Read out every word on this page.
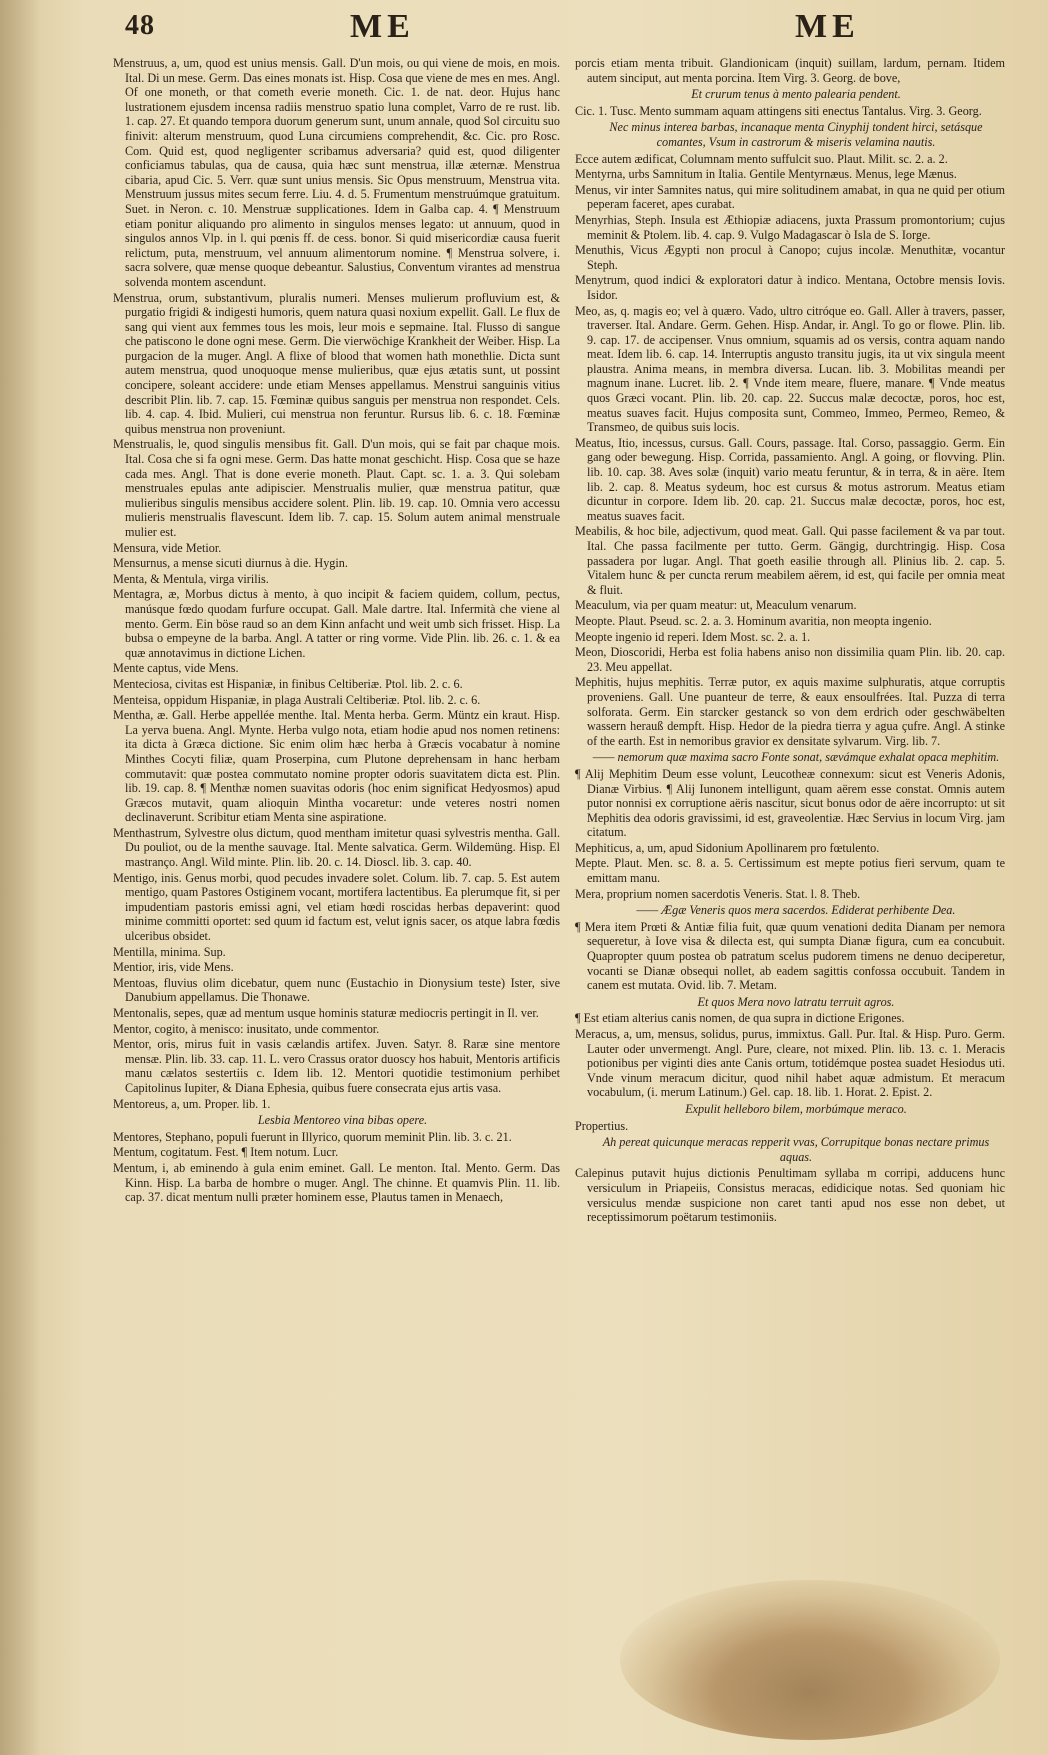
48	ME	ME

Menstruus, a, um, quod est unius mensis. Gall. D'un mois, ou qui viene de mois, en mois. Ital. Di un mese. Germ. Das eines monats ist. Hisp. Cosa que viene de mes en mes. Angl. Of one moneth, or that cometh everie moneth. Cic. 1. de nat. deor. Hujus hanc lustrationem ejusdem incensa radiis menstruo spatio luna complet, Varro de re rust. lib. 1. cap. 27. Et quando tempora duorum generum sunt, unum annale, quod Sol circuitu suo finivit: alterum menstruum, quod Luna circumiens comprehendit, &c. Cic. pro Rosc. Com. Quid est, quod negligenter scribamus adversaria? quid est, quod diligenter conficiamus tabulas, qua de causa, quia hæc sunt menstrua, illæ æternæ. Menstrua cibaria, apud Cic. 5. Verr. quæ sunt unius mensis. Sic Opus menstruum, Menstrua vita. Menstruum jussus mites secum ferre. Liu. 4. d. 5. Frumentum menstruúmque gratuitum. Suet. in Neron. c. 10. Menstruæ supplicationes. Idem in Galba cap. 4. ¶ Menstruum etiam ponitur aliquando pro alimento in singulos menses legato: ut annuum, quod in singulos annos Vlp. in l. qui pœnis ff. de cess. bonor. Si quid misericordiæ causa fuerit relictum, puta, menstruum, vel annuum alimentorum nomine. ¶ Menstrua solvere, i. sacra solvere, quæ mense quoque debeantur. Salustius, Conventum virantes ad menstrua solvenda montem ascendunt.

Menstrua, orum, substantivum, pluralis numeri. Menses mulierum profluvium est, & purgatio frigidi & indigesti humoris, quem natura quasi noxium expellit. Gall. Le flux de sang qui vient aux femmes tous les mois, leur mois e sepmaine. Ital. Flusso di sangue che patiscono le done ogni mese. Germ. Die vierwöchige Krankheit der Weiber. Hisp. La purgacion de la muger. Angl. A flixe of blood that women hath monethlie. Dicta sunt autem menstrua, quod unoquoque mense mulieribus, quæ ejus ætatis sunt, ut possint concipere, soleant accidere: unde etiam Menses appellamus. Menstrui sanguinis vitius describit Plin. lib. 7. cap. 15. Fœminæ quibus sanguis per menstrua non respondet. Cels. lib. 4. cap. 4. Ibid. Mulieri, cui menstrua non feruntur. Rursus lib. 6. c. 18. Fœminæ quibus menstrua non proveniunt.

Menstrualis, le, quod singulis mensibus fit. Gall. D'un mois, qui se fait par chaque mois. Ital. Cosa che si fa ogni mese. Germ. Das hatte monat geschicht. Hisp. Cosa que se haze cada mes. Angl. That is done everie moneth. Plaut. Capt. sc. 1. a. 3. Qui solebam menstruales epulas ante adipiscier. Menstrualis mulier, quæ menstrua patitur, quæ mulieribus singulis mensibus accidere solent. Plin. lib. 19. cap. 10. Omnia vero accessu mulieris menstrualis flavescunt. Idem lib. 7. cap. 15. Solum autem animal menstruale mulier est.

Mensura, vide Metior.

Mensurnus, a mense sicuti diurnus à die. Hygin.

Menta, & Mentula, virga virilis.

Mentagra, æ, Morbus dictus à mento, à quo incipit & faciem quidem, collum, pectus, manúsque fœdo quodam furfure occupat. Gall. Male dartre. Ital. Infermità che viene al mento. Germ. Ein böse raud so an dem Kinn anfacht und weit umb sich frisset. Hisp. La bubsa o empeyne de la barba. Angl. A tatter or ring vorme. Vide Plin. lib. 26. c. 1. & ea quæ annotavimus in dictione Lichen.

Mente captus, vide Mens.

Menteciosa, civitas est Hispaniæ, in finibus Celtiberiæ. Ptol. lib. 2. c. 6.

Menteisa, oppidum Hispaniæ, in plaga Australi Celtiberiæ. Ptol. lib. 2. c. 6.

Mentha, æ. Gall. Herbe appellée menthe. Ital. Menta herba. Germ. Müntz ein kraut. Hisp. La yerva buena. Angl. Mynte. Herba vulgo nota, etiam hodie apud nos nomen retinens: ita dicta à Græca dictione. Sic enim olim hæc herba à Græcis vocabatur à nomine Minthes Cocyti filiæ, quam Proserpina, cum Plutone deprehensam in hanc herbam commutavit: quæ postea commutato nomine propter odoris suavitatem dicta est. Plin. lib. 19. cap. 8. ¶ Menthæ nomen suavitas odoris (hoc enim significat Hedyosmos) apud Græcos mutavit, quam alioquin Mintha vocaretur: unde veteres nostri nomen declinaverunt. Scribitur etiam Menta sine aspiratione.

Menthastrum, Sylvestre olus dictum, quod mentham imitetur quasi sylvestris mentha. Gall. Du pouliot, ou de la menthe sauvage. Ital. Mente salvatica. Germ. Wildemüng. Hisp. El mastranço. Angl. Wild minte. Plin. lib. 20. c. 14. Dioscl. lib. 3. cap. 40.

Mentigo, inis. Genus morbi, quod pecudes invadere solet. Colum. lib. 7. cap. 5. Est autem mentigo, quam Pastores Ostiginem vocant, mortifera lactentibus. Ea plerumque fit, si per impudentiam pastoris emissi agni, vel etiam hœdi roscidas herbas depaverint: quod minime committi oportet: sed quum id factum est, velut ignis sacer, os atque labra fœdis ulceribus obsidet.

Mentilla, minima. Sup.

Mentior, iris, vide Mens.

Mentoas, fluvius olim dicebatur, quem nunc (Eustachio in Dionysium teste) Ister, sive Danubium appellamus. Die Thonawe.

Mentonalis, sepes, quæ ad mentum usque hominis staturæ mediocris pertingit in Il. ver.

Mentor, cogito, à menisco: inusitato, unde commentor.

Mentor, oris, mirus fuit in vasis cælandis artifex. Juven. Satyr. 8. Raræ sine mentore mensæ. Plin. lib. 33. cap. 11. L. vero Crassus orator duoscy hos habuit, Mentoris artificis manu cælatos sestertiis c. Idem lib. 12. Mentori quotidie testimonium perhibet Capitolinus Iupiter, & Diana Ephesia, quibus fuere consecrata ejus artis vasa.

Mentoreus, a, um. Proper. lib. 1.

Lesbia Mentoreo vina bibas opere.

Mentores, Stephano, populi fuerunt in Illyrico, quorum meminit Plin. lib. 3. c. 21.

Mentum, cogitatum. Fest. ¶ Item notum. Lucr.

Mentum, i, ab eminendo à gula enim eminet. Gall. Le menton. Ital. Mento. Germ. Das Kinn. Hisp. La barba de hombre o muger. Angl. The chinne. Et quamvis Plin. 11. lib. cap. 37. dicat mentum nulli præter hominem esse, Plautus tamen in Menaech,

porcis etiam menta tribuit. Glandionicam (inquit) suillam, lardum, pernam. Itidem autem sinciput, aut menta porcina. Item Virg. 3. Georg. de bove,

Et crurum tenus à mento palearia pendent.

Cic. 1. Tusc. Mento summam aquam attingens siti enectus Tantalus. Virg. 3. Georg.

Nec minus interea barbas, incanaque menta Cinyphij tondent hirci, setásque comantes, Vsum in castrorum & miseris velamina nautis.

Ecce autem ædificat, Columnam mento suffulcit suo. Plaut. Milit. sc. 2. a. 2.

Mentyrna, urbs Samnitum in Italia. Gentile Mentyrnæus. Menus, lege Mænus.

Menus, vir inter Samnites natus, qui mire solitudinem amabat, in qua ne quid per otium peperam faceret, apes curabat.

Menyrhias, Steph. Insula est Æthiopiæ adiacens, juxta Prassum promontorium; cujus meminit & Ptolem. lib. 4. cap. 9. Vulgo Madagascar ò Isla de S. Iorge.

Menuthis, Vicus Ægypti non procul à Canopo; cujus incolæ. Menuthitæ, vocantur Steph.

Menytrum, quod indici & exploratori datur à indico. Mentana, Octobre mensis Iovis. Isidor.

Meo, as, q. magis eo; vel à quæro. Vado, ultro citróque eo. Gall. Aller à travers, passer, traverser. Ital. Andare. Germ. Gehen. Hisp. Andar, ir. Angl. To go or flowe. Plin. lib. 9. cap. 17. de accipenser. Vnus omnium, squamis ad os versis, contra aquam nando meat. Idem lib. 6. cap. 14. Interruptis angusto transitu jugis, ita ut vix singula meent plaustra. Anima means, in membra diversa. Lucan. lib. 3. Mobilitas meandi per magnum inane. Lucret. lib. 2. ¶ Vnde item meare, fluere, manare. ¶ Vnde meatus quos Græci vocant. Plin. lib. 20. cap. 22. Succus malæ decoctæ, poros, hoc est, meatus suaves facit. Hujus composita sunt, Commeo, Immeo, Permeo, Remeo, & Transmeo, de quibus suis locis.

Meatus, Itio, incessus, cursus. Gall. Cours, passage. Ital. Corso, passaggio. Germ. Ein gang oder bewegung. Hisp. Corrida, passamiento. Angl. A going, or flovving. Plin. lib. 10. cap. 38. Aves solæ (inquit) vario meatu feruntur, & in terra, & in aëre. Item lib. 2. cap. 8. Meatus sydeum, hoc est cursus & motus astrorum. Meatus etiam dicuntur in corpore. Idem lib. 20. cap. 21. Succus malæ decoctæ, poros, hoc est, meatus suaves facit.

Meabilis, & hoc bile, adjectivum, quod meat. Gall. Qui passe facilement & va par tout. Ital. Che passa facilmente per tutto. Germ. Gängig, durchtringig. Hisp. Cosa passadera por lugar. Angl. That goeth easilie through all. Plinius lib. 2. cap. 5. Vitalem hunc & per cuncta rerum meabilem aërem, id est, qui facile per omnia meat & fluit.

Meaculum, via per quam meatur: ut, Meaculum venarum.

Meopte. Plaut. Pseud. sc. 2. a. 3. Hominum avaritia, non meopta ingenio.

Meopte ingenio id reperi. Idem Most. sc. 2. a. 1.

Meon, Dioscoridi, Herba est folia habens aniso non dissimilia quam Plin. lib. 20. cap. 23. Meu appellat.

Mephitis, hujus mephitis. Terræ putor, ex aquis maxime sulphuratis, atque corruptis proveniens. Gall. Une puanteur de terre, & eaux ensoulfrées. Ital. Puzza di terra solforata. Germ. Ein starcker gestanck so von dem erdrich oder geschwäbelten wassern herauß dempft. Hisp. Hedor de la piedra tierra y agua çufre. Angl. A stinke of the earth. Est in nemoribus gravior ex densitate sylvarum. Virg. lib. 7.

—— nemorum quæ maxima sacro Fonte sonat, sævámque exhalat opaca mephitim.

¶ Alij Mephitim Deum esse volunt, Leucotheæ connexum: sicut est Veneris Adonis, Dianæ Virbius. ¶ Alij Iunonem intelligunt, quam aërem esse constat. Omnis autem putor nonnisi ex corruptione aëris nascitur, sicut bonus odor de aëre incorrupto: ut sit Mephitis dea odoris gravissimi, id est, graveolentiæ. Hæc Servius in locum Virg. jam citatum.

Mephiticus, a, um, apud Sidonium Apollinarem pro fœtulento.

Mepte. Plaut. Men. sc. 8. a. 5. Certissimum est mepte potius fieri servum, quam te emittam manu.

Mera, proprium nomen sacerdotis Veneris. Stat. l. 8. Theb.

—— Ægæ Veneris quos mera sacerdos. Ediderat perhibente Dea.

¶ Mera item Prœti & Antiæ filia fuit, quæ quum venationi dedita Dianam per nemora sequeretur, à Iove visa & dilecta est, qui sumpta Dianæ figura, cum ea concubuit. Quapropter quum postea ob patratum scelus pudorem timens ne denuo deciperetur, vocanti se Dianæ obsequi nollet, ab eadem sagittis confossa occubuit. Tandem in canem est mutata. Ovid. lib. 7. Metam.

Et quos Mera novo latratu terruit agros.

¶ Est etiam alterius canis nomen, de qua supra in dictione Erigones.

Meracus, a, um, mensus, solidus, purus, immixtus. Gall. Pur. Ital. & Hisp. Puro. Germ. Lauter oder unvermengt. Angl. Pure, cleare, not mixed. Plin. lib. 13. c. 1. Meracis potionibus per viginti dies ante Canis ortum, totidémque postea suadet Hesiodus uti. Vnde vinum meracum dicitur, quod nihil habet aquæ admistum. Et meracum vocabulum, (i. merum Latinum.) Gel. cap. 18. lib. 1. Horat. 2. Epist. 2.

Expulit helleboro bilem, morbúmque meraco.

Propertius.

Ah pereat quicunque meracas repperit vvas, Corrupitque bonas nectare primus aquas.

Calepinus putavit hujus dictionis Penultimam syllaba m corripi, adducens hunc versiculum in Priapeiis, Consistus meracas, edidicique notas. Sed quoniam hic versiculus mendæ suspicione non caret tanti apud nos esse non debet, ut receptissimorum poëtarum testimoniis.
